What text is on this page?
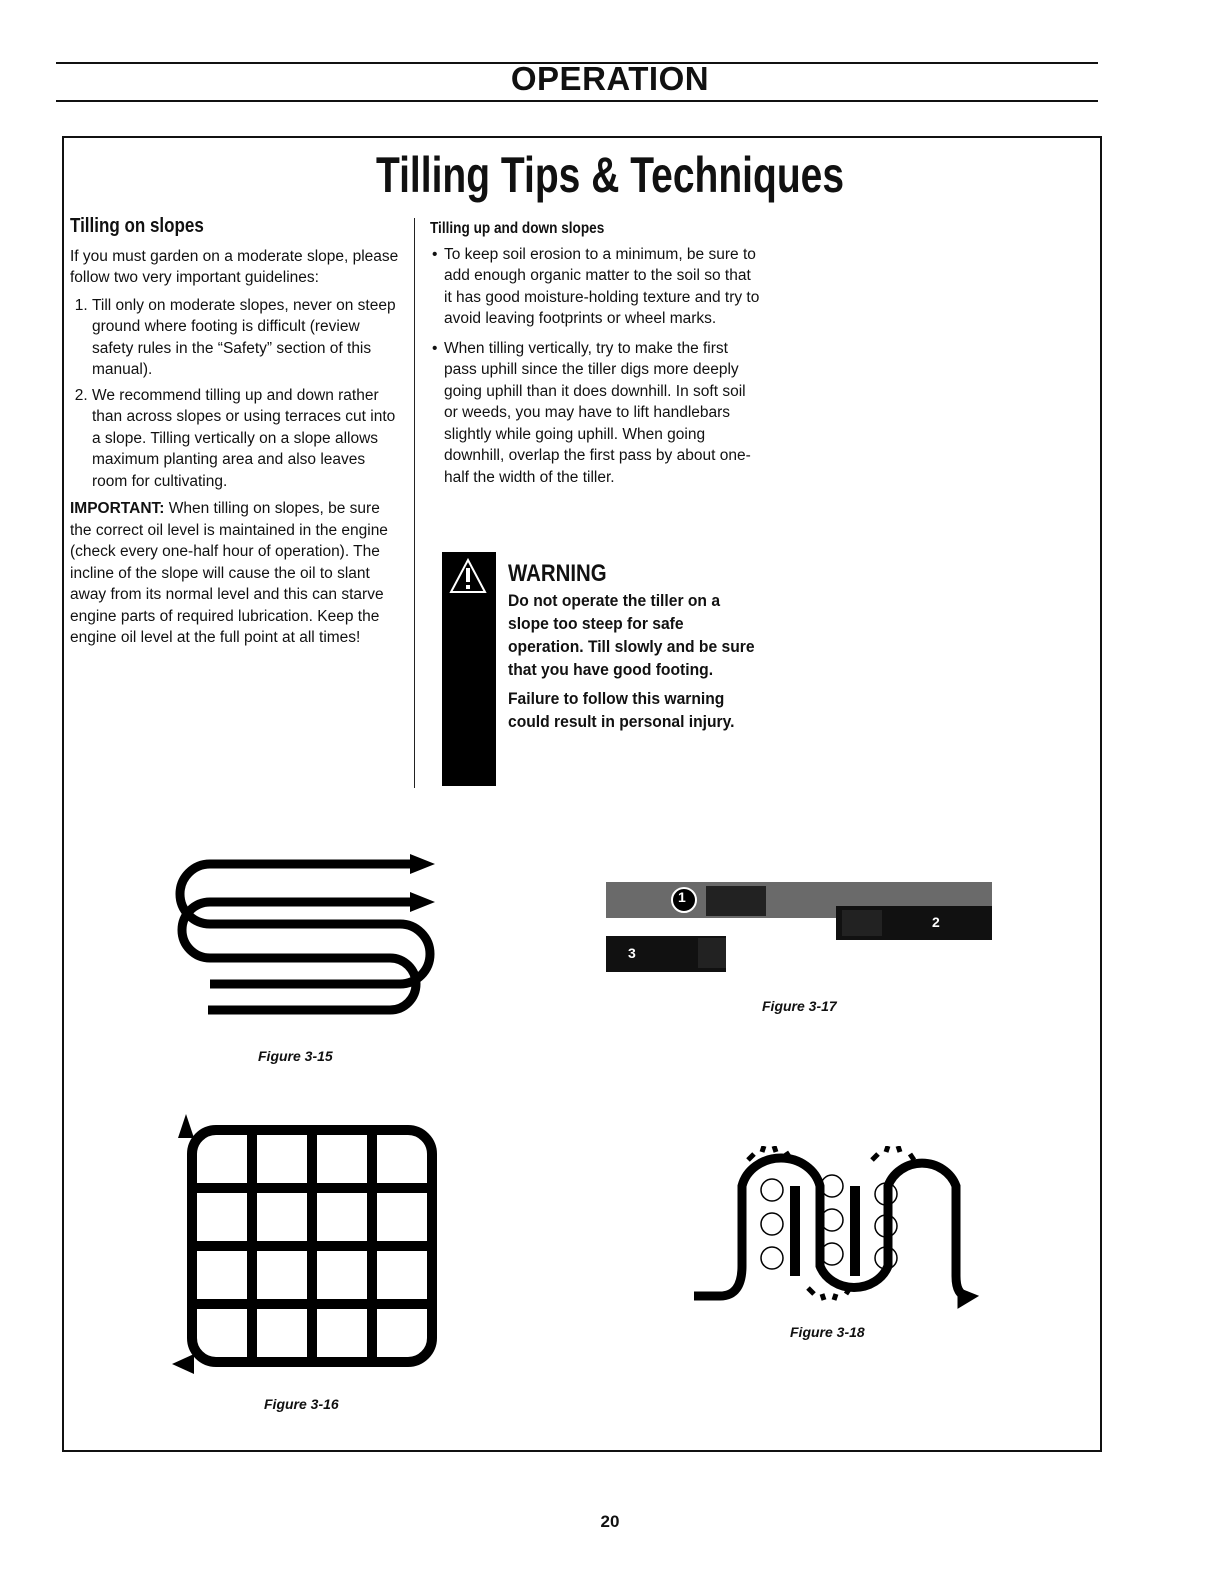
OPERATION
Tilling Tips & Techniques
Tilling on slopes

If you must garden on a moderate slope, please follow two very important guidelines:

1. Till only on moderate slopes, never on steep ground where footing is difficult (review safety rules in the “Safety” section of this manual).
2. We recommend tilling up and down rather than across slopes or using terraces cut into a slope. Tilling vertically on a slope allows maximum planting area and also leaves room for cultivating.

IMPORTANT: When tilling on slopes, be sure the correct oil level is maintained in the engine (check every one-half hour of operation). The incline of the slope will cause the oil to slant away from its normal level and this can starve engine parts of required lubrication. Keep the engine oil level at the full point at all times!

Tilling up and down slopes
• To keep soil erosion to a minimum, be sure to add enough organic matter to the soil so that it has good moisture-holding texture and try to avoid leaving footprints or wheel marks.
• When tilling vertically, try to make the first pass uphill since the tiller digs more deeply going uphill than it does downhill. In soft soil or weeds, you may have to lift handlebars slightly while going uphill. When going downhill, overlap the first pass by about one-half the width of the tiller.
WARNING

Do not operate the tiller on a slope too steep for safe operation. Till slowly and be sure that you have good footing.

Failure to follow this warning could result in personal injury.

Figure 3-15
Figure 3-16
1
2
3
Figure 3-17
Figure 3-18
20
